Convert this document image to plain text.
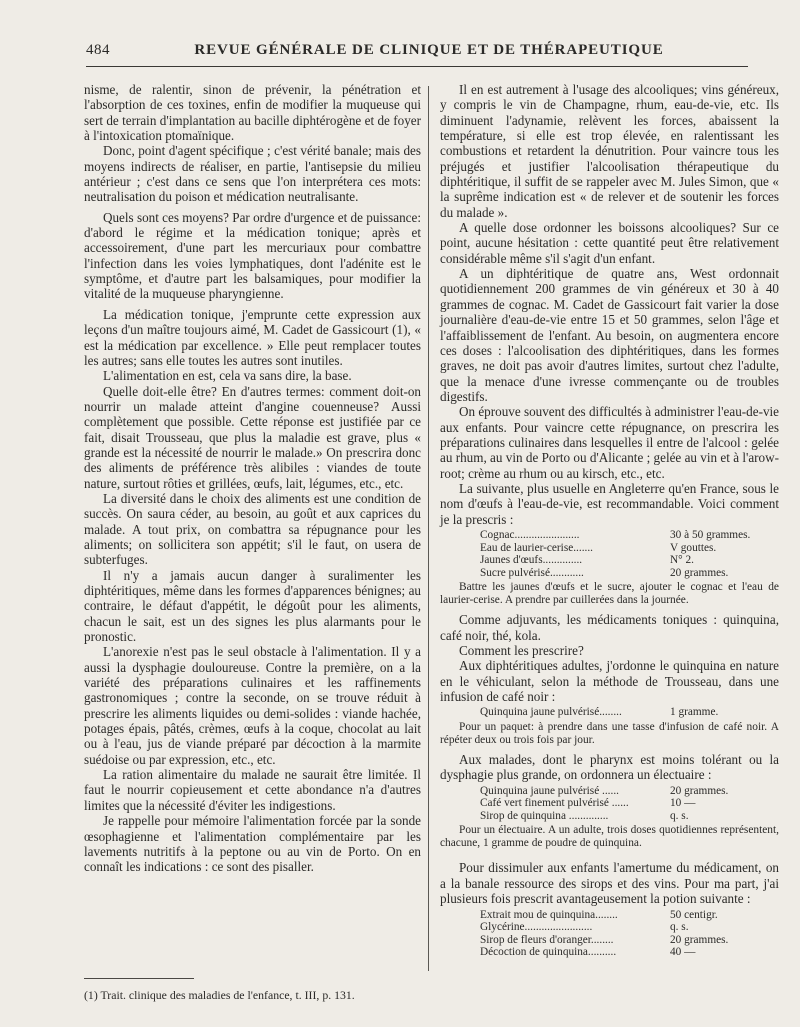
484	REVUE GÉNÉRALE DE CLINIQUE ET DE THÉRAPEUTIQUE

nisme, de ralentir, sinon de prévenir, la pénétration et l'absorption de ces toxines, enfin de modifier la muqueuse qui sert de terrain d'implantation au bacille diphtérogène et de foyer à l'intoxication ptomaïnique.

Donc, point d'agent spécifique ; c'est vérité banale; mais des moyens indirects de réaliser, en partie, l'antisepsie du milieu antérieur ; c'est dans ce sens que l'on interprétera ces mots: neutralisation du poison et médication neutralisante.

Quels sont ces moyens? Par ordre d'urgence et de puissance: d'abord le régime et la médication tonique; après et accessoirement, d'une part les mercuriaux pour combattre l'infection dans les voies lymphatiques, dont l'adénite est le symptôme, et d'autre part les balsamiques, pour modifier la vitalité de la muqueuse pharyngienne.

La médication tonique, j'emprunte cette expression aux leçons d'un maître toujours aimé, M. Cadet de Gassicourt (1), « est la médication par excellence. » Elle peut remplacer toutes les autres; sans elle toutes les autres sont inutiles.

L'alimentation en est, cela va sans dire, la base.

Quelle doit-elle être? En d'autres termes: comment doit-on nourrir un malade atteint d'angine couenneuse? Aussi complètement que possible. Cette réponse est justifiée par ce fait, disait Trousseau, que plus la maladie est grave, plus « grande est la nécessité de nourrir le malade.» On prescrira donc des aliments de préférence très alibiles : viandes de toute nature, surtout rôties et grillées, œufs, lait, légumes, etc., etc.

La diversité dans le choix des aliments est une condition de succès. On saura céder, au besoin, au goût et aux caprices du malade. A tout prix, on combattra sa répugnance pour les aliments; on sollicitera son appétit; s'il le faut, on usera de subterfuges.

Il n'y a jamais aucun danger à suralimenter les diphtéritiques, même dans les formes d'apparences bénignes; au contraire, le défaut d'appétit, le dégoût pour les aliments, chacun le sait, est un des signes les plus alarmants pour le pronostic.

L'anorexie n'est pas le seul obstacle à l'alimentation. Il y a aussi la dysphagie douloureuse. Contre la première, on a la variété des préparations culinaires et les raffinements gastronomiques ; contre la seconde, on se trouve réduit à prescrire les aliments liquides ou demi-solides : viande hachée, potages épais, pâtés, crèmes, œufs à la coque, chocolat au lait ou à l'eau, jus de viande préparé par décoction à la marmite suédoise ou par expression, etc., etc.

La ration alimentaire du malade ne saurait être limitée. Il faut le nourrir copieusement et cette abondance n'a d'autres limites que la nécessité d'éviter les indigestions.

Je rappelle pour mémoire l'alimentation forcée par la sonde œsophagienne et l'alimentation complémentaire par les lavements nutritifs à la peptone ou au vin de Porto. On en connaît les indications : ce sont des pisaller.

(1) Trait. clinique des maladies de l'enfance, t. III, p. 131.

Il en est autrement à l'usage des alcooliques; vins généreux, y compris le vin de Champagne, rhum, eau-de-vie, etc. Ils diminuent l'adynamie, relèvent les forces, abaissent la température, si elle est trop élevée, en ralentissant les combustions et retardent la dénutrition. Pour vaincre tous les préjugés et justifier l'alcoolisation thérapeutique du diphtéritique, il suffit de se rappeler avec M. Jules Simon, que « la suprême indication est « de relever et de soutenir les forces du malade ».

A quelle dose ordonner les boissons alcooliques? Sur ce point, aucune hésitation : cette quantité peut être relativement considérable même s'il s'agit d'un enfant.

A un diphtéritique de quatre ans, West ordonnait quotidiennement 200 grammes de vin généreux et 30 à 40 grammes de cognac. M. Cadet de Gassicourt fait varier la dose journalière d'eau-de-vie entre 15 et 50 grammes, selon l'âge et l'affaiblissement de l'enfant. Au besoin, on augmentera encore ces doses : l'alcoolisation des diphtéritiques, dans les formes graves, ne doit pas avoir d'autres limites, surtout chez l'adulte, que la menace d'une ivresse commençante ou de troubles digestifs.

On éprouve souvent des difficultés à administrer l'eau-de-vie aux enfants. Pour vaincre cette répugnance, on prescrira les préparations culinaires dans lesquelles il entre de l'alcool : gelée au rhum, au vin de Porto ou d'Alicante ; gelée au vin et à l'arow-root; crème au rhum ou au kirsch, etc., etc.

La suivante, plus usuelle en Angleterre qu'en France, sous le nom d'œufs à l'eau-de-vie, est recommandable. Voici comment je la prescris :

Cognac.......................	30 à 50 grammes.
Eau de laurier-cerise.......	V gouttes.
Jaunes d'œufs..............	N° 2.
Sucre pulvérisé............	20 grammes.

Battre les jaunes d'œufs et le sucre, ajouter le cognac et l'eau de laurier-cerise. A prendre par cuillerées dans la journée.

Comme adjuvants, les médicaments toniques : quinquina, café noir, thé, kola.

Comment les prescrire?

Aux diphtéritiques adultes, j'ordonne le quinquina en nature en le véhiculant, selon la méthode de Trousseau, dans une infusion de café noir :

Quinquina jaune pulvérisé........	1 gramme.

Pour un paquet: à prendre dans une tasse d'infusion de café noir. A répéter deux ou trois fois par jour.

Aux malades, dont le pharynx est moins tolérant ou la dysphagie plus grande, on ordonnera un électuaire :

Quinquina jaune pulvérisé ......	20 grammes.
Café vert finement pulvérisé ......	10 —
Sirop de quinquina ..............	q. s.

Pour un électuaire. A un adulte, trois doses quotidiennes représentent, chacune, 1 gramme de poudre de quinquina.

Pour dissimuler aux enfants l'amertume du médicament, on a la banale ressource des sirops et des vins. Pour ma part, j'ai plusieurs fois prescrit avantageusement la potion suivante :

Extrait mou de quinquina........	50 centigr.
Glycérine........................	q. s.
Sirop de fleurs d'oranger........	20 grammes.
Décoction de quinquina..........	40 —
